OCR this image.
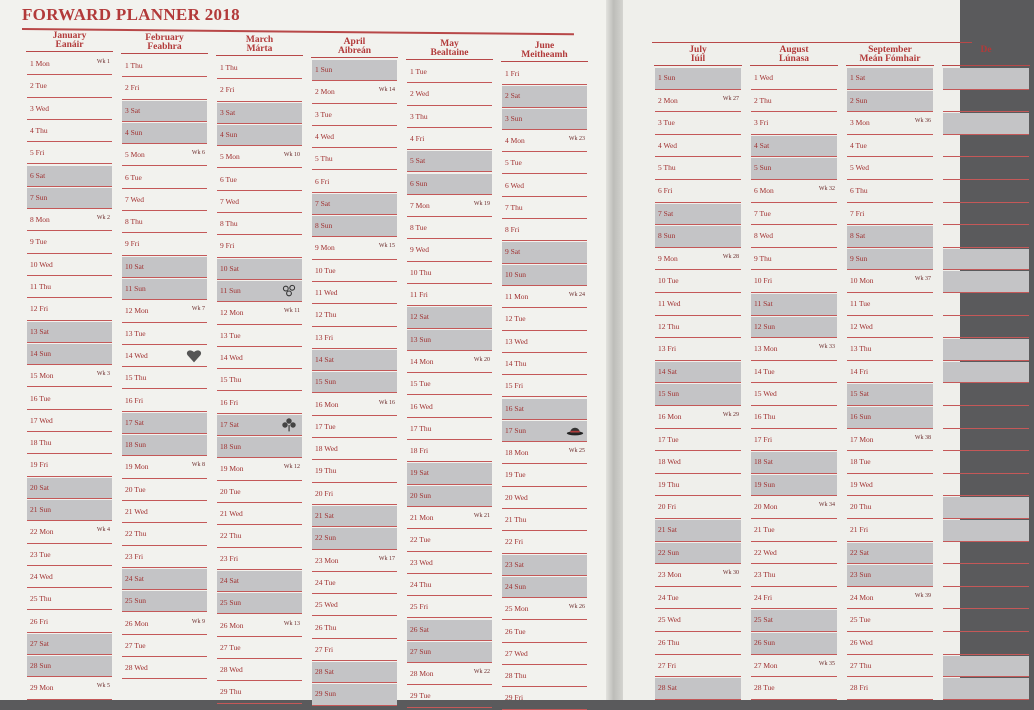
FORWARD PLANNER 2018
January
Eanáir
1 Mon	Wk 1
2 Tue
3 Wed
4 Thu
5 Fri
6 Sat
7 Sun
8 Mon	Wk 2
9 Tue
10 Wed
11 Thu
12 Fri
13 Sat
14 Sun
15 Mon	Wk 3
16 Tue
17 Wed
18 Thu
19 Fri
20 Sat
21 Sun
22 Mon	Wk 4
23 Tue
24 Wed
25 Thu
26 Fri
27 Sat
28 Sun
29 Mon	Wk 5
February
Feabhra
1 Thu
2 Fri
3 Sat
4 Sun
5 Mon	Wk 6
6 Tue
7 Wed
8 Thu
9 Fri
10 Sat
11 Sun
12 Mon	Wk 7
13 Tue
14 Wed
15 Thu
16 Fri
17 Sat
18 Sun
19 Mon	Wk 8
20 Tue
21 Wed
22 Thu
23 Fri
24 Sat
25 Sun
26 Mon	Wk 9
27 Tue
28 Wed
March
Márta
1 Thu
2 Fri
3 Sat
4 Sun
5 Mon	Wk 10
6 Tue
7 Wed
8 Thu
9 Fri
10 Sat
11 Sun
12 Mon	Wk 11
13 Tue
14 Wed
15 Thu
16 Fri
17 Sat
18 Sun
19 Mon	Wk 12
20 Tue
21 Wed
22 Thu
23 Fri
24 Sat
25 Sun
26 Mon	Wk 13
27 Tue
28 Wed
29 Thu
April
Aibreán
1 Sun
2 Mon	Wk 14
3 Tue
4 Wed
5 Thu
6 Fri
7 Sat
8 Sun
9 Mon	Wk 15
10 Tue
11 Wed
12 Thu
13 Fri
14 Sat
15 Sun
16 Mon	Wk 16
17 Tue
18 Wed
19 Thu
20 Fri
21 Sat
22 Sun
23 Mon	Wk 17
24 Tue
25 Wed
26 Thu
27 Fri
28 Sat
29 Sun
May
Bealtaine
1 Tue
2 Wed
3 Thu
4 Fri
5 Sat
6 Sun
7 Mon	Wk 19
8 Tue
9 Wed
10 Thu
11 Fri
12 Sat
13 Sun
14 Mon	Wk 20
15 Tue
16 Wed
17 Thu
18 Fri
19 Sat
20 Sun
21 Mon	Wk 21
22 Tue
23 Wed
24 Thu
25 Fri
26 Sat
27 Sun
28 Mon	Wk 22
29 Tue
June
Meitheamh
1 Fri
2 Sat
3 Sun
4 Mon	Wk 23
5 Tue
6 Wed
7 Thu
8 Fri
9 Sat
10 Sun
11 Mon	Wk 24
12 Tue
13 Wed
14 Thu
15 Fri
16 Sat
17 Sun
18 Mon	Wk 25
19 Tue
20 Wed
21 Thu
22 Fri
23 Sat
24 Sun
25 Mon	Wk 26
26 Tue
27 Wed
28 Thu
29 Fri
July
Iúil
1 Sun
2 Mon	Wk 27
3 Tue
4 Wed
5 Thu
6 Fri
7 Sat
8 Sun
9 Mon	Wk 28
10 Tue
11 Wed
12 Thu
13 Fri
14 Sat
15 Sun
16 Mon	Wk 29
17 Tue
18 Wed
19 Thu
20 Fri
21 Sat
22 Sun
23 Mon	Wk 30
24 Tue
25 Wed
26 Thu
27 Fri
28 Sat
August
Lúnasa
1 Wed
2 Thu
3 Fri
4 Sat
5 Sun
6 Mon	Wk 32
7 Tue
8 Wed
9 Thu
10 Fri
11 Sat
12 Sun
13 Mon	Wk 33
14 Tue
15 Wed
16 Thu
17 Fri
18 Sat
19 Sun
20 Mon	Wk 34
21 Tue
22 Wed
23 Thu
24 Fri
25 Sat
26 Sun
27 Mon	Wk 35
28 Tue
September
Meán Fómhair
1 Sat
2 Sun
3 Mon	Wk 36
4 Tue
5 Wed
6 Thu
7 Fri
8 Sat
9 Sun
10 Mon	Wk 37
11 Tue
12 Wed
13 Thu
14 Fri
15 Sat
16 Sun
17 Mon	Wk 38
18 Tue
19 Wed
20 Thu
21 Fri
22 Sat
23 Sun
24 Mon	Wk 39
25 Tue
26 Wed
27 Thu
28 Fri
De
